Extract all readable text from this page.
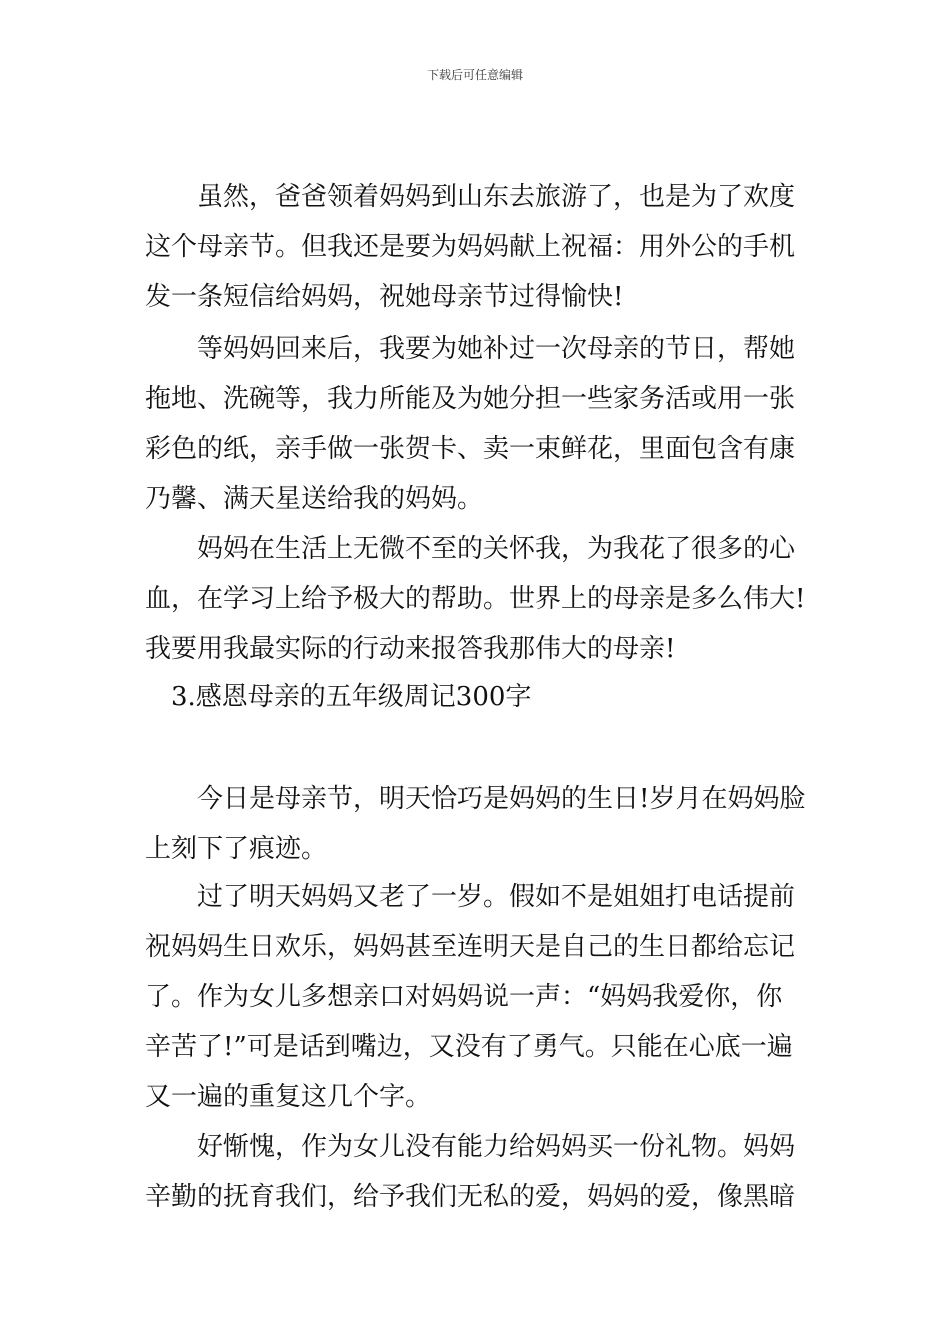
下载后可任意编辑
虽然，爸爸领着妈妈到山东去旅游了，也是为了欢度
这个母亲节。但我还是要为妈妈献上祝福：用外公的手机
发一条短信给妈妈，祝她母亲节过得愉快!
等妈妈回来后，我要为她补过一次母亲的节日，帮她
拖地、洗碗等，我力所能及为她分担一些家务活或用一张
彩色的纸，亲手做一张贺卡、卖一束鲜花，里面包含有康
乃馨、满天星送给我的妈妈。
妈妈在生活上无微不至的关怀我，为我花了很多的心
血，在学习上给予极大的帮助。世界上的母亲是多么伟大!
我要用我最实际的行动来报答我那伟大的母亲!
3.感恩母亲的五年级周记300字
今日是母亲节，明天恰巧是妈妈的生日!岁月在妈妈脸
上刻下了痕迹。
过了明天妈妈又老了一岁。假如不是姐姐打电话提前
祝妈妈生日欢乐，妈妈甚至连明天是自己的生日都给忘记
了。作为女儿多想亲口对妈妈说一声：“妈妈我爱你，你
辛苦了!”可是话到嘴边，又没有了勇气。只能在心底一遍
又一遍的重复这几个字。
好惭愧，作为女儿没有能力给妈妈买一份礼物。妈妈
辛勤的抚育我们，给予我们无私的爱，妈妈的爱，像黑暗
